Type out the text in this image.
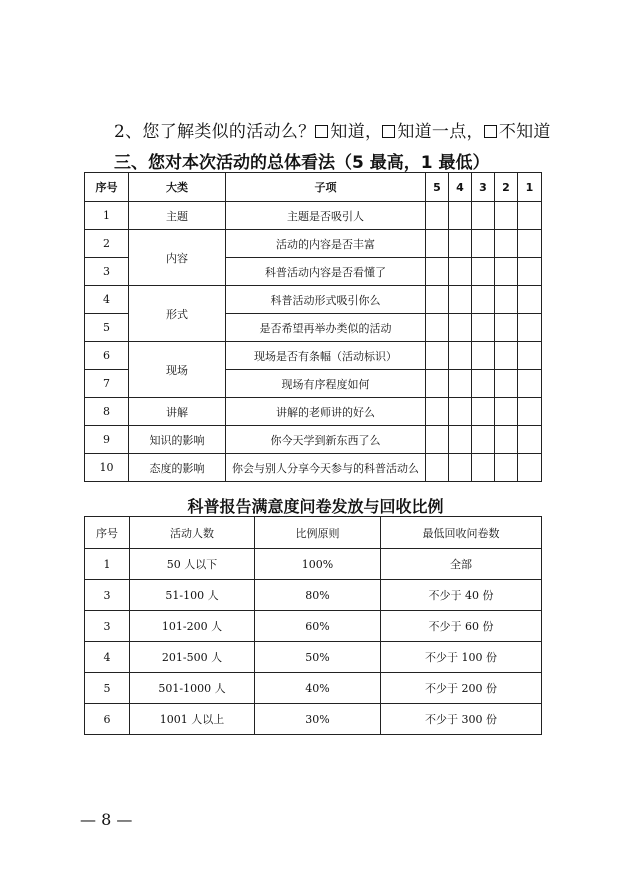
2、您了解类似的活动么？ 知道， 知道一点， 不知道
三、您对本次活动的总体看法（5 最高，1 最低）
序号	大类	子项	5	4	3	2	1
1	主题	主题是否吸引人					
2	内容	活动的内容是否丰富					
3		科普活动内容是否看懂了					
4	形式	科普活动形式吸引你么					
5		是否希望再举办类似的活动					
6	现场	现场是否有条幅（活动标识）					
7		现场有序程度如何					
8	讲解	讲解的老师讲的好么					
9	知识的影响	你今天学到新东西了么					
10	态度的影响	你会与别人分享今天参与的科普活动么					
科普报告满意度问卷发放与回收比例
序号	活动人数	比例原则	最低回收问卷数
1	50 人以下	100%	全部
3	51-100 人	80%	不少于 40 份
3	101-200 人	60%	不少于 60 份
4	201-500 人	50%	不少于 100 份
5	501-1000 人	40%	不少于 200 份
6	1001 人以上	30%	不少于 300 份
— 8 —
